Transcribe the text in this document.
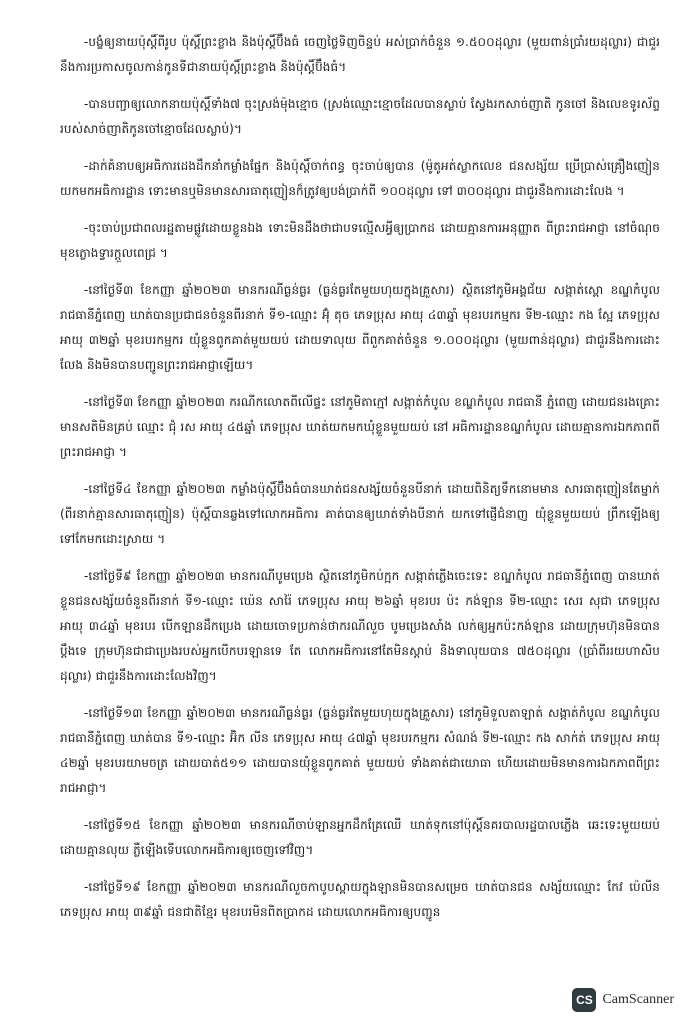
-បង្ខំឲ្យនាយប៉ុស្តិ៍ពីរូប ប៉ុស្តិ៍ព្រះខ្លាង និងប៉ុស្តិ៍ប៊ឹងធំ ចេញថ្លៃទិញចិន្ទប់ អស់ប្រាក់ចំនួន ១.៥០០ដុល្លារ (មួយពាន់ប្រាំរយដុល្លារ) ជាជួរនឹងការប្រកាសចូលកាន់កូនទីជានាយប៉ុស្តិ៍ព្រះខ្លាង និងប៉ុស្តិ៍ប៊ឹងធំ។

-បានបញ្ជាឲ្យលោកនាយប៉ុស្តិ៍ទាំង៧ ចុះស្រង់ម៉ុងខ្មោច (ស្រង់ឈ្មោះខ្មោចដែលបានស្លាប់ ស្វែងរកសាច់ញាតិ កូនចៅ និងលេខទូរស័ព្ទរបស់សាច់ញាតិកូនចៅខ្មោចដែលស្លាប់)។

-ដាក់គំនាបឲ្យអធិការដេងដឹកនាំកម្លាំងផ្នែក និងប៉ុស្តិ៍ចាក់ពន្ធ ចុះចាប់ឲ្យបាន (ម៉ូតូអត់ស្លាកលេខ ជនសង្ស័យ ប្រើប្រាស់គ្រឿងញៀន យកមកអធិការដ្ឋាន ទោះមានឬមិនមានសារធាតុញៀនក៏ត្រូវឲ្យបង់ប្រាក់ពី ១០០ដុល្លារ ទៅ ៣០០ដុល្លារ ជាជួរនឹងការដោះលែង ។

-ចុះចាប់ប្រជាពលរដ្ឋតាមផ្លូវដោយខ្លួនឯង ទោះមិនដឹងថាជាបទល្មើសអ្វីឲ្យប្រាកដ ដោយគ្មានការអនុញ្ញាត ពីព្រះរាជអាជ្ញា នៅចំណុចមុខភ្លោងទ្វារក្តួលពេជ្រ ។

-នៅថ្ងៃទី៣ ខែកញ្ញា ឆ្នាំ២០២៣ មានករណីធ្ងន់ធ្ងរ (ធ្ងន់ធ្ងរតែមួយហុយក្នុងគ្រួសារ) ស្ថិតនៅភូមិអង្គជ័យ សង្កាត់ស្ពោ ខណ្ឌកំបូល រាជធានីភ្នំពេញ ឃាត់បានប្រជាជនចំនួនពីរនាក់ ទី១-ឈ្មោះ អ៊ុំ តុច ភេទប្រុស អាយុ ៤៣ឆ្នាំ មុខរបរកម្មករ ទី២-ឈ្មោះ កង ស្អែ ភេទប្រុស អាយុ ៣២ឆ្នាំ មុខរបរកម្មករ យុំខ្លួនពូកគាត់មួយយប់ ដោយទាលុយ ពីពួកគាត់ចំនួន ១.០០០ដុល្លារ (មួយពាន់ដុល្លារ) ជាជួរនឹងការដោះលែង និងមិនបានបញ្ជូនព្រះរាជអាជ្ញាឡើយ។

-នៅថ្ងៃទី៣ ខែកញ្ញា ឆ្នាំ២០២៣ ករណីកលោតពីលើផ្ទះ នៅភូមិតាក្មៅ សង្កាត់កំបូល ខណ្ឌកំបូល រាជធានី ភ្នំពេញ ដោយជនរងគ្រោះមានសតិមិនគ្រប់ ឈ្មោះ ជុំ រស អាយុ ៤៥ឆ្នាំ ភេទប្រុស ឃាត់យកមកឃុំខ្លួនមួយយប់ នៅ អធិការដ្ឋានខណ្ឌកំបូល ដោយគ្មានការឯកភាពពីព្រះរាជអាជ្ញា ។

-នៅថ្ងៃទី៤ ខែកញ្ញា ឆ្នាំ២០២៣ កម្លាំងប៉ុស្តិ៍ប៊ឹងធំបានឃាត់ជនសង្ស័យចំនួនបីនាក់ ដោយពិនិត្យទឹកនោមមាន សារធាតុញៀនតែម្នាក់ (ពីរនាក់គ្មានសារធាតុញៀន) ប៉ុស្តិ៍បានឆ្លងទៅលោកអធិការ គាត់បានឲ្យឃាត់ទាំងបីនាក់ យកទៅផ្ញើជំនាញ យុំខ្លួនមួយយប់ ព្រឹកឡើងឲ្យទៅកែមកដោះស្រាយ ។

-នៅថ្ងៃទី៩ ខែកញ្ញា ឆ្នាំ២០២៣ មានករណីបូមប្រេង ស្ថិតនៅភូមិកប់ក្អក សង្កាត់ភ្លើងចេះទេះ ខណ្ឌកំបូល រាជធានីភ្នំពេញ បានឃាត់ខ្លួនជនសង្ស័យចំនួនពីរនាក់ ទី១-ឈ្មោះ ឃ៉េន សារ៉ៃ ភេទប្រុស អាយុ ២៦ឆ្នាំ មុខរបរ ប៉ះ កង់ឡាន ទី២-ឈ្មោះ សេរ សុជា ភេទប្រុស អាយុ ៣៤ឆ្នាំ មុខរបរ បើកឡានដឹកប្រេង ដោយចោទប្រកាន់ថាករណីលួច បូមប្រេងសាំង លក់ឲ្យអ្នកប៉ះកង់ឡាន ដោយក្រុមហ៊ុនមិនបានប្តឹងទេ ក្រុមហ៊ុនជាជាប្រេងរបស់អ្នកបើកបរឡានទេ តែ លោកអធិការនៅតែមិនស្តាប់ និងទាលុយបាន ៧៥០ដុល្លារ (ប្រាំពីររយហាសិបដុល្លារ) ជាជួរនឹងការដោះលែងវិញ។

-នៅថ្ងៃទី១៣ ខែកញ្ញា ឆ្នាំ២០២៣ មានករណីធ្ងន់ធ្ងរ (ធ្ងន់ធ្ងរតែមួយហុយក្នុងគ្រួសារ) នៅភូមិទួលតាឡាត់ សង្កាត់កំបូល ខណ្ឌកំបូល រាជធានីភ្នំពេញ ឃាត់បាន ទី១-ឈ្មោះ អ៊ិក លីន ភេទប្រុស អាយុ ៤៧ឆ្នាំ មុខរបរកម្មករ សំណង់ ទី២-ឈ្មោះ កង សាក់ត់ ភេទប្រុស អាយុ ៤២ឆ្នាំ មុខរបរយាមចត្រ ដោយបាត់៥១១ ដោយបានយុំខ្លួនពូកគាត់ មួយយប់ ទាំងគាត់ជាយោធា ហើយដោយមិនមានការឯកភាពពីព្រះរាជអាជ្ញា។

-នៅថ្ងៃទី១៥ ខែកញ្ញា ឆ្នាំ២០២៣ មានករណីចាប់ឡានអ្នកដឹកគ្រែឈើ ឃាត់ទុកនៅប៉ុស្តិ៍នគរបាលរដ្ឋបាលភ្លើង ឆេះទេះមួយយប់ ដោយគ្មានលុយ ភ្លឺឡើងទើបលោកអធិការឲ្យចេញទៅវិញ។

-នៅថ្ងៃទី១៩ ខែកញ្ញា ឆ្នាំ២០២៣ មានករណីលួចកាបូបស្ពាយក្នុងឡានមិនបានសម្រេច ឃាត់បានជន សង្ស័យឈ្មោះ កែវ ប៉េលីន ភេទប្រុស អាយុ ៣៩ឆ្នាំ ជនជាតិខ្មែរ មុខរបរមិនពិតប្រាកដ ដោយលោកអធិការឲ្យបញ្ជូន

CS CamScanner
